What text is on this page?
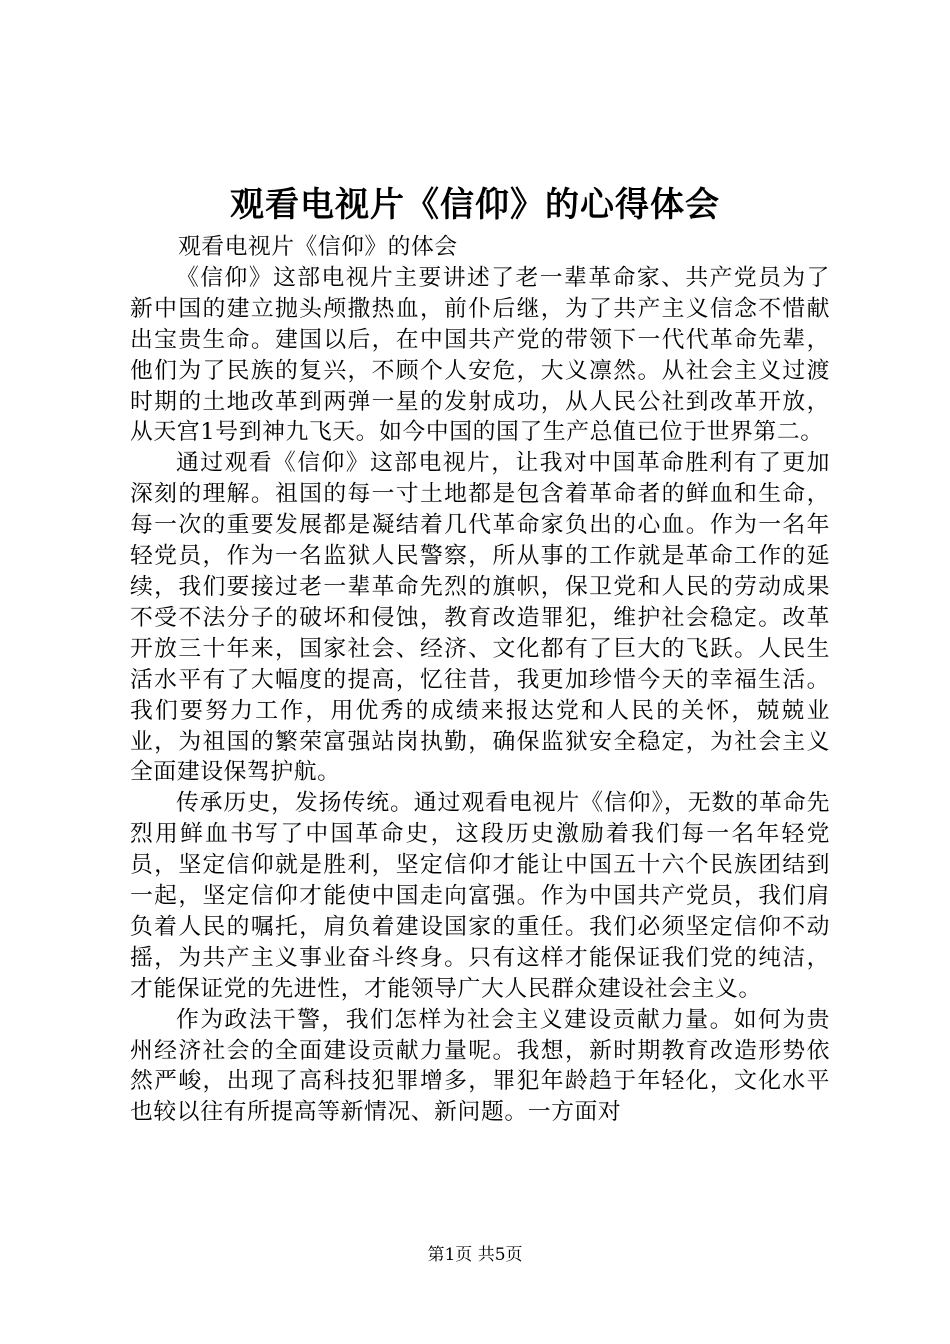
观看电视片《信仰》的心得体会

观看电视片《信仰》的体会

《信仰》这部电视片主要讲述了老一辈革命家、共产党员为了新中国的建立抛头颅撒热血，前仆后继，为了共产主义信念不惜献出宝贵生命。建国以后，在中国共产党的带领下一代代革命先辈，他们为了民族的复兴，不顾个人安危，大义凛然。从社会主义过渡时期的土地改革到两弹一星的发射成功，从人民公社到改革开放，从天宫1号到神九飞天。如今中国的国了生产总值已位于世界第二。

通过观看《信仰》这部电视片，让我对中国革命胜利有了更加深刻的理解。祖国的每一寸土地都是包含着革命者的鲜血和生命，每一次的重要发展都是凝结着几代革命家负出的心血。作为一名年轻党员，作为一名监狱人民警察，所从事的工作就是革命工作的延续，我们要接过老一辈革命先烈的旗帜，保卫党和人民的劳动成果不受不法分子的破坏和侵蚀，教育改造罪犯，维护社会稳定。改革开放三十年来，国家社会、经济、文化都有了巨大的飞跃。人民生活水平有了大幅度的提高，忆往昔，我更加珍惜今天的幸福生活。我们要努力工作，用优秀的成绩来报达党和人民的关怀，兢兢业业，为祖国的繁荣富强站岗执勤，确保监狱安全稳定，为社会主义全面建设保驾护航。

传承历史，发扬传统。通过观看电视片《信仰》，无数的革命先烈用鲜血书写了中国革命史，这段历史激励着我们每一名年轻党员，坚定信仰就是胜利，坚定信仰才能让中国五十六个民族团结到一起，坚定信仰才能使中国走向富强。作为中国共产党员，我们肩负着人民的嘱托，肩负着建设国家的重任。我们必须坚定信仰不动摇，为共产主义事业奋斗终身。只有这样才能保证我们党的纯洁，才能保证党的先进性，才能领导广大人民群众建设社会主义。

作为政法干警，我们怎样为社会主义建设贡献力量。如何为贵州经济社会的全面建设贡献力量呢。我想，新时期教育改造形势依然严峻，出现了高科技犯罪增多，罪犯年龄趋于年轻化，文化水平也较以往有所提高等新情况、新问题。一方面对

第1页 共5页
